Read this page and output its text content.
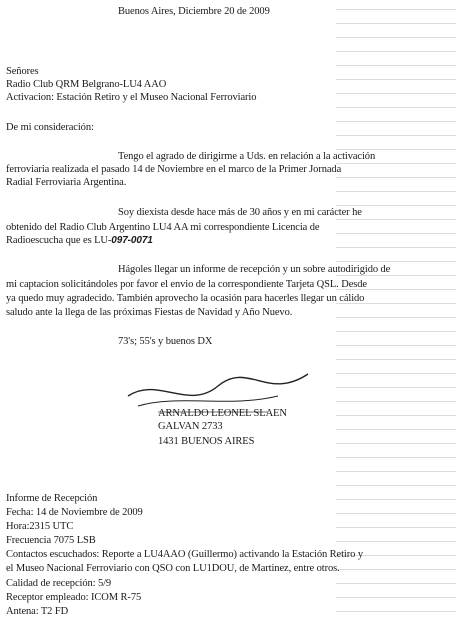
Buenos Aires, Diciembre 20 de 2009
Señores
Radio Club QRM Belgrano-LU4 AAO
Activacion: Estación Retiro y el Museo Nacional Ferroviario
De mi consideración:
Tengo el agrado de dirigirme a Uds. en relación a la activación
ferroviaria realizada el pasado 14 de Noviembre en el marco de la Primer Jornada
Radial Ferroviaria Argentina.
Soy diexista desde hace más de 30 años y en mi carácter he
obtenido del Radio Club Argentino LU4 AA mi correspondiente Licencia de
Radioescucha que es LU-097-0071
Hágoles llegar un informe de recepción y un sobre autodirigido de
mi captacion solicitándoles por favor el envio de la correspondiente Tarjeta QSL. Desde
ya quedo muy agradecido. También aprovecho la ocasión para hacerles llegar un cálido
saludo ante la llega de las próximas Fiestas de Navidad y Año Nuevo.
73's; 55's y buenos DX
ARNALDO LEONEL SLAEN
GALVAN 2733
1431 BUENOS AIRES
Informe de Recepción
Fecha: 14 de Noviembre de 2009
Hora:2315 UTC
Frecuencia 7075 LSB
Contactos escuchados: Reporte a LU4AAO (Guillermo) activando la Estación Retiro y
el Museo Nacional Ferroviario con QSO con LU1DOU, de Martinez, entre otros.
Calidad de recepción: 5/9
Receptor empleado: ICOM R-75
Antena: T2 FD
